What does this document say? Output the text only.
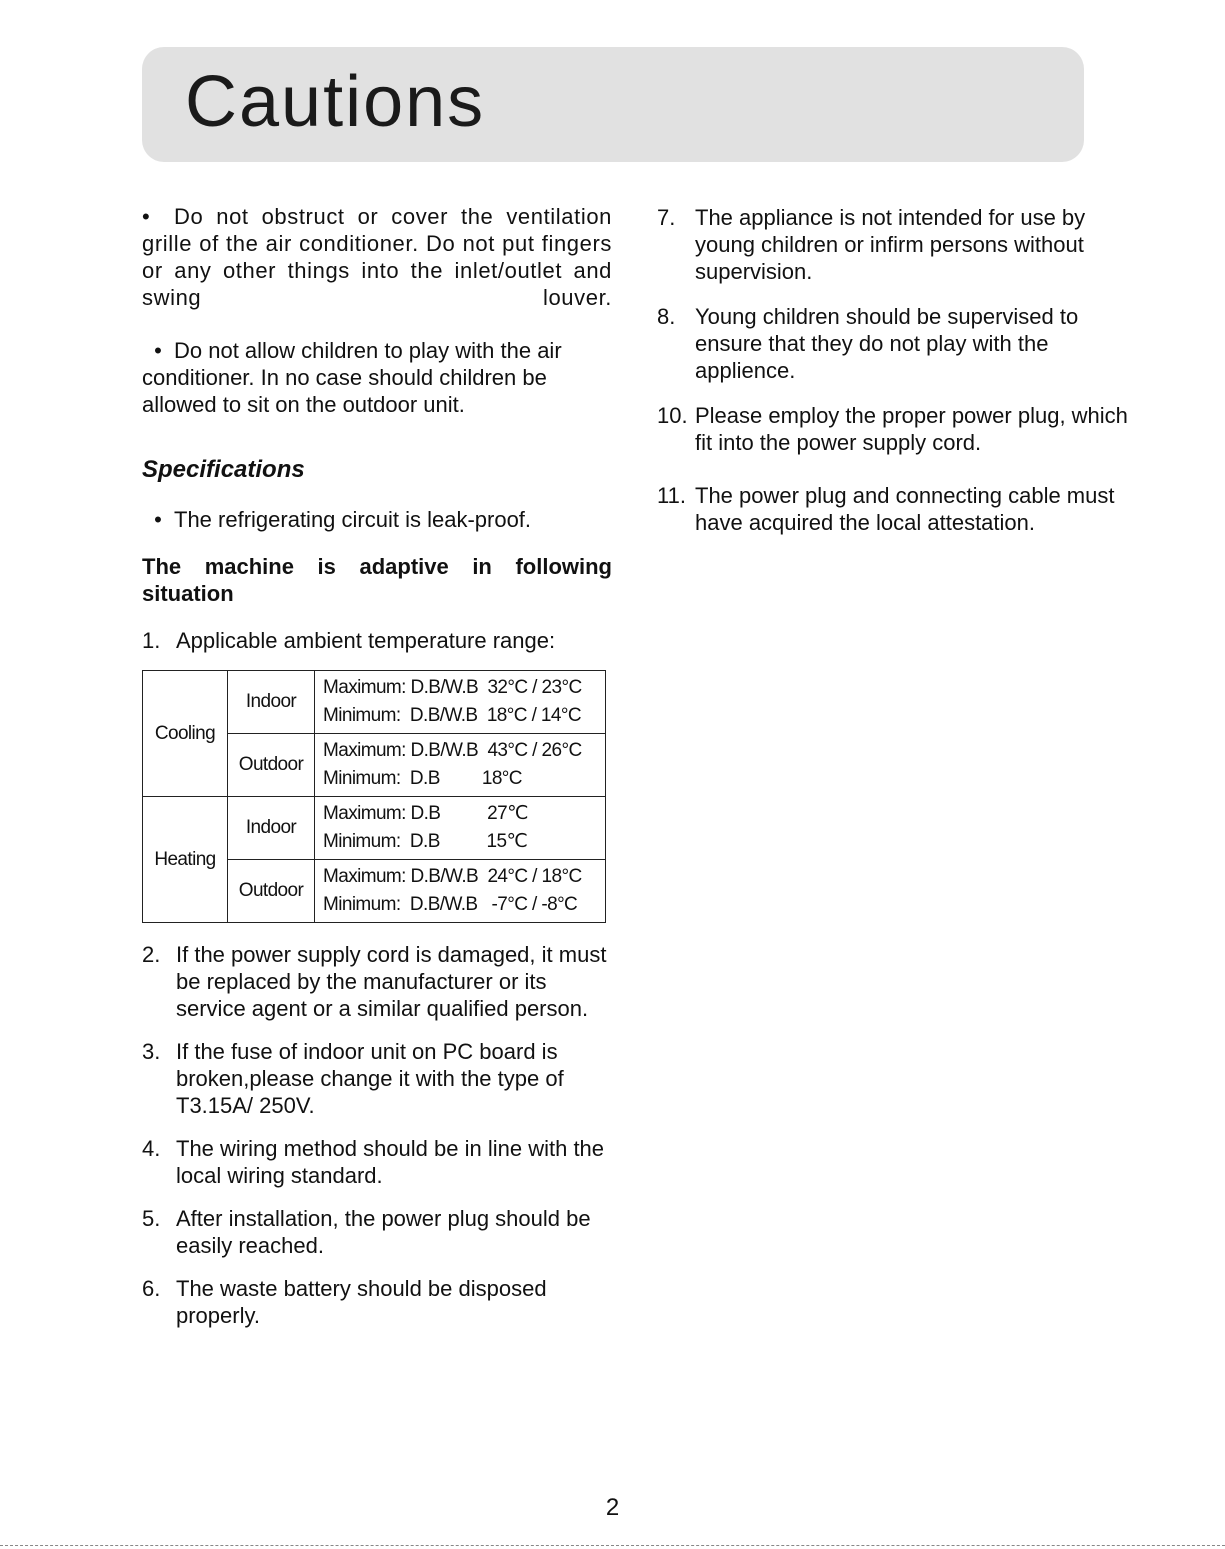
Cautions

• Do not obstruct or cover the ventilation grille of the air conditioner. Do not put fingers or any other things into the inlet/outlet and swing louver.

• Do not allow children to play with the air conditioner. In no case should children be allowed to sit on the outdoor unit.

Specifications

• The refrigerating circuit is leak-proof.

The machine is adaptive in following situation

1. Applicable ambient temperature range:
Cooling	Indoor	Maximum: D.B/W.B  32°C / 23°C
Minimum:  D.B/W.B  18°C / 14°C

	Outdoor	Maximum: D.B/W.B  43°C / 26°C
Minimum:  D.B         18°C

Heating	Indoor	Maximum: D.B          27℃
Minimum:  D.B          15℃

	Outdoor	Maximum: D.B/W.B  24°C / 18°C
Minimum:  D.B/W.B   -7°C / -8°C
2. If the power supply cord is damaged, it must be replaced by the manufacturer or its service agent or a similar qualified person.
3. If the fuse of indoor unit on PC board is broken,please change it with the type of T3.15A/ 250V.
4. The wiring method should be in line with the local wiring standard.
5. After installation, the power plug should be easily reached.
6. The waste battery should be disposed properly.
7. The appliance is not intended for use by young children or infirm persons without supervision.
8. Young children should be supervised to ensure that they do not play with the applience.
10. Please employ the proper power plug, which fit into the power supply cord.
11. The power plug and connecting cable must have acquired the local attestation.
2
